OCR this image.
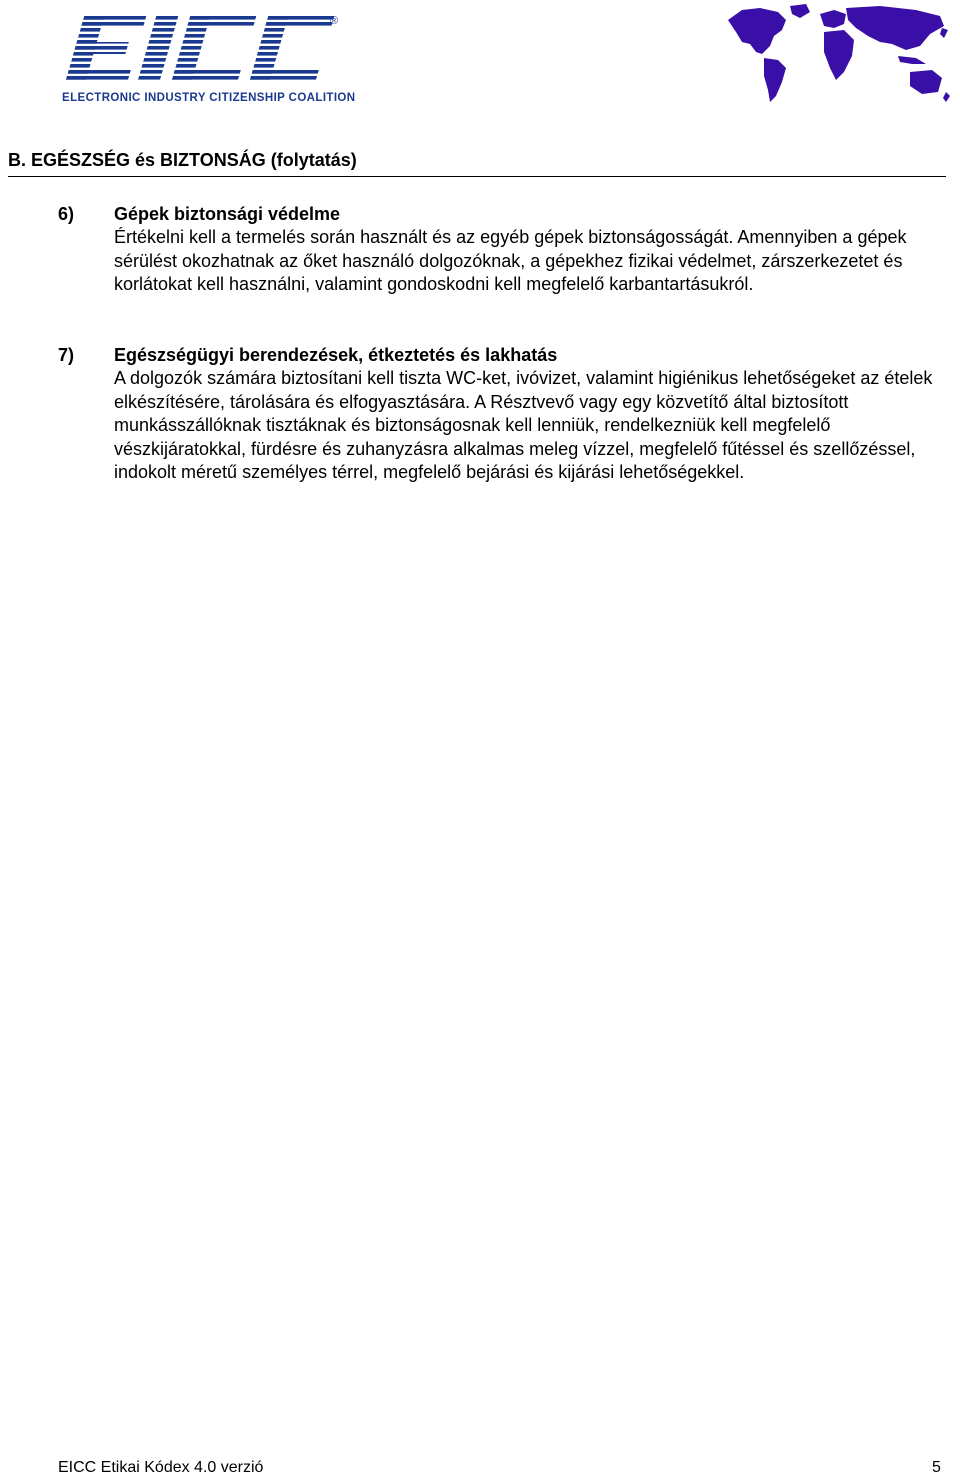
®
ELECTRONIC INDUSTRY CITIZENSHIP COALITION
B. EGÉSZSÉG és BIZTONSÁG (folytatás)
6) Gépek biztonsági védelme

Értékelni kell a termelés során használt és az egyéb gépek biztonságosságát. Amennyiben a gépek sérülést okozhatnak az őket használó dolgozóknak, a gépekhez fizikai védelmet, zárszerkezetet és korlátokat kell használni, valamint gondoskodni kell megfelelő karbantartásukról.

7) Egészségügyi berendezések, étkeztetés és lakhatás

A dolgozók számára biztosítani kell tiszta WC-ket, ivóvizet, valamint higiénikus lehetőségeket az ételek elkészítésére, tárolására és elfogyasztására. A Résztvevő vagy egy közvetítő által biztosított munkásszállóknak tisztáknak és biztonságosnak kell lenniük, rendelkezniük kell megfelelő vészkijáratokkal, fürdésre és zuhanyzásra alkalmas meleg vízzel, megfelelő fűtéssel és szellőzéssel, indokolt méretű személyes térrel, megfelelő bejárási és kijárási lehetőségekkel.

EICC Etikai Kódex 4.0 verzió	5
